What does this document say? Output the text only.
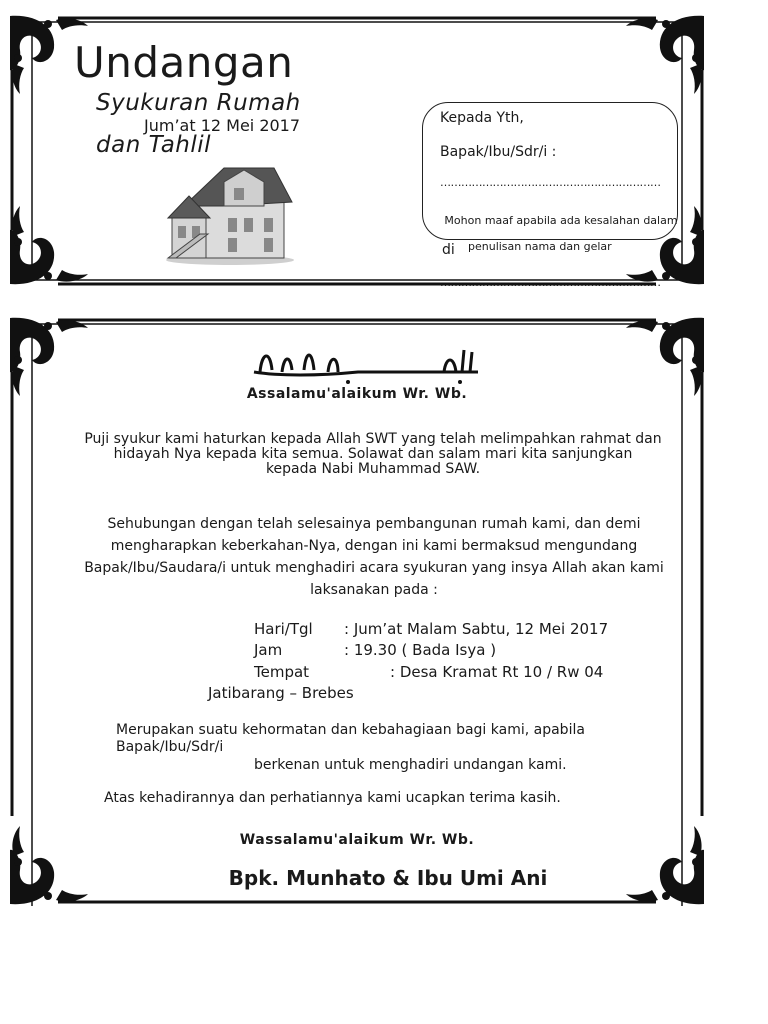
Undangan
Syukuran Rumah
Jum’at 12 Mei 2017
dan Tahlil
Kepada Yth,
Bapak/Ibu/Sdr/i :
………………………………………………………
Mohon maaf apabila ada kesalahan dalam
di penulisan nama dan gelar
………………………………………………………
Assalamu'alaikum Wr. Wb.
Puji syukur kami haturkan kepada Allah SWT yang telah melimpahkan rahmat dan hidayah Nya kepada kita semua. Solawat dan salam mari kita sanjungkan
kepada Nabi Muhammad SAW.
Sehubungan dengan telah selesainya pembangunan rumah kami, dan demi mengharapkan keberkahan-Nya, dengan ini kami bermaksud mengundang Bapak/Ibu/Saudara/i untuk menghadiri acara syukuran yang insya Allah akan kami laksanakan pada :
Hari/Tgl : Jum’at Malam Sabtu, 12 Mei 2017
Jam	: 19.30 ( Bada Isya )
Tempat	: Desa Kramat Rt 10 / Rw 04
Jatibarang – Brebes
Merupakan suatu kehormatan dan kebahagiaan bagi kami, apabila
Bapak/Ibu/Sdr/i
berkenan untuk menghadiri undangan kami.
Atas kehadirannya dan perhatiannya kami ucapkan terima kasih.
Wassalamu'alaikum Wr. Wb.
Bpk. Munhato & Ibu Umi Ani
